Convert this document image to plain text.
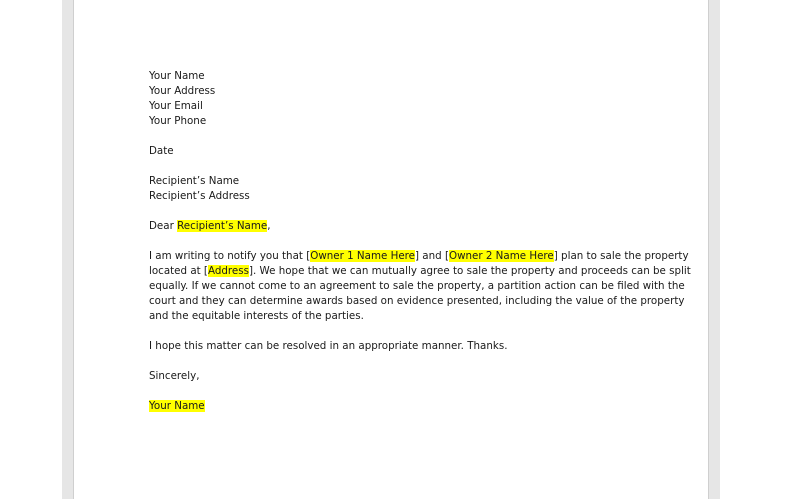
Your Name
Your Address
Your Email
Your Phone
Date
Recipient’s Name
Recipient’s Address
Dear Recipient’s Name,
I am writing to notify you that [Owner 1 Name Here] and [Owner 2 Name Here] plan to sale the property
located at [Address]. We hope that we can mutually agree to sale the property and proceeds can be split
equally. If we cannot come to an agreement to sale the property, a partition action can be filed with the
court and they can determine awards based on evidence presented, including the value of the property
and the equitable interests of the parties.
I hope this matter can be resolved in an appropriate manner. Thanks.
Sincerely,
Your Name
